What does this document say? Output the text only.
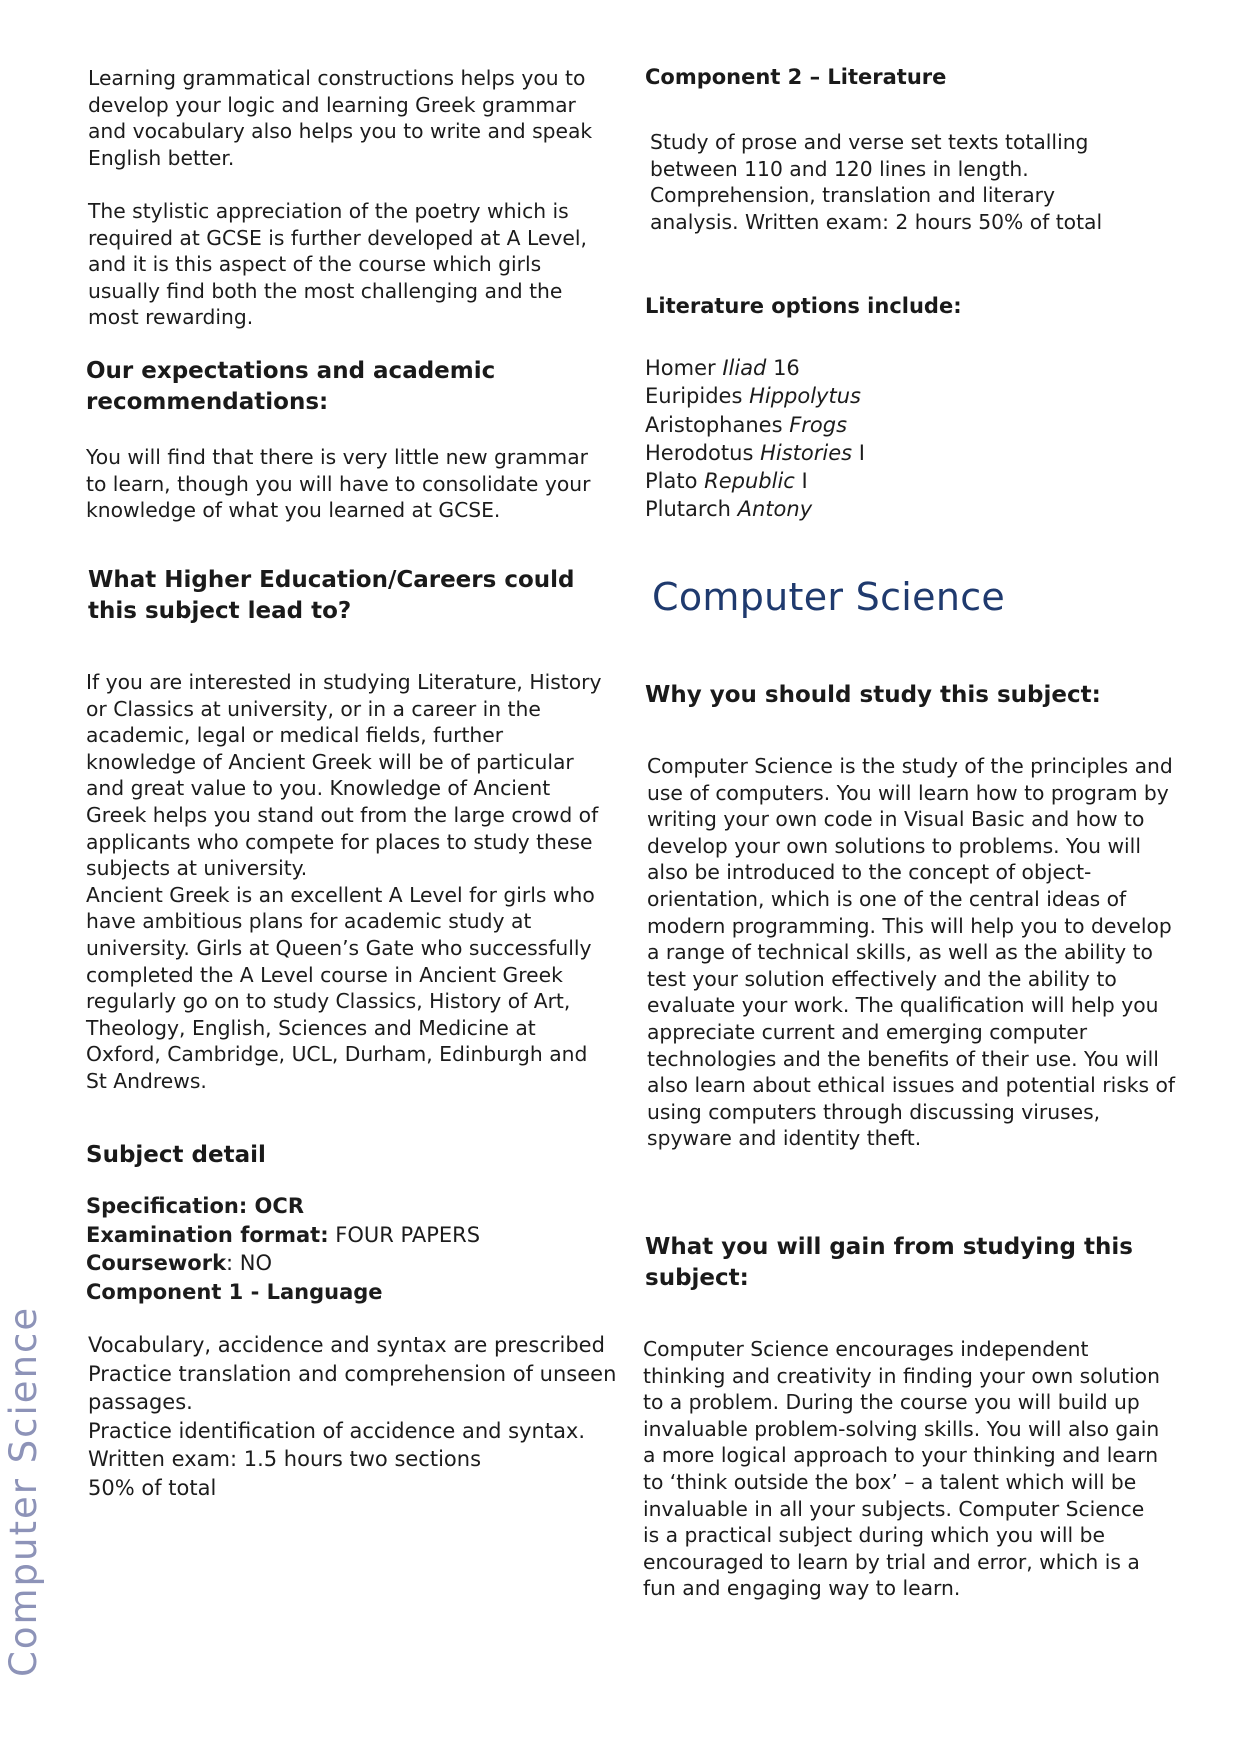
Computer Science

Learning grammatical constructions helps you to develop your logic and learning Greek grammar and vocabulary also helps you to write and speak English better.

The stylistic appreciation of the poetry which is required at GCSE is further developed at A Level, and it is this aspect of the course which girls usually find both the most challenging and the most rewarding.

Our expectations and academic recommendations:

You will find that there is very little new grammar to learn, though you will have to consolidate your knowledge of what you learned at GCSE.

What Higher Education/Careers could this subject lead to?

If you are interested in studying Literature, History or Classics at university, or in a career in the academic, legal or medical fields, further knowledge of Ancient Greek will be of particular and great value to you. Knowledge of Ancient Greek helps you stand out from the large crowd of applicants who compete for places to study these subjects at university.

Ancient Greek is an excellent A Level for girls who have ambitious plans for academic study at university. Girls at Queen’s Gate who successfully completed the A Level course in Ancient Greek regularly go on to study Classics, History of Art, Theology, English, Sciences and Medicine at Oxford, Cambridge, UCL, Durham, Edinburgh and St Andrews.

Subject detail
Specification: OCR
Examination format: FOUR PAPERS
Coursework: NO
Component 1 - Language
Vocabulary, accidence and syntax are prescribed
Practice translation and comprehension of unseen passages.
Practice identification of accidence and syntax.
Written exam: 1.5 hours two sections
50% of total
Component 2 – Literature

Study of prose and verse set texts totalling between 110 and 120 lines in length. Comprehension, translation and literary analysis. Written exam: 2 hours 50% of total

Literature options include:
Homer Iliad 16
Euripides Hippolytus
Aristophanes Frogs
Herodotus Histories I
Plato Republic I
Plutarch Antony
Computer Science
Why you should study this subject:

Computer Science is the study of the principles and use of computers. You will learn how to program by writing your own code in Visual Basic and how to develop your own solutions to problems. You will also be introduced to the concept of object-orientation, which is one of the central ideas of modern programming. This will help you to develop a range of technical skills, as well as the ability to test your solution effectively and the ability to evaluate your work. The qualification will help you appreciate current and emerging computer technologies and the benefits of their use. You will also learn about ethical issues and potential risks of using computers through discussing viruses, spyware and identity theft.

What you will gain from studying this subject:

Computer Science encourages independent thinking and creativity in finding your own solution to a problem. During the course you will build up invaluable problem-solving skills. You will also gain a more logical approach to your thinking and learn to ‘think outside the box’ – a talent which will be invaluable in all your subjects. Computer Science is a practical subject during which you will be encouraged to learn by trial and error, which is a fun and engaging way to learn.
